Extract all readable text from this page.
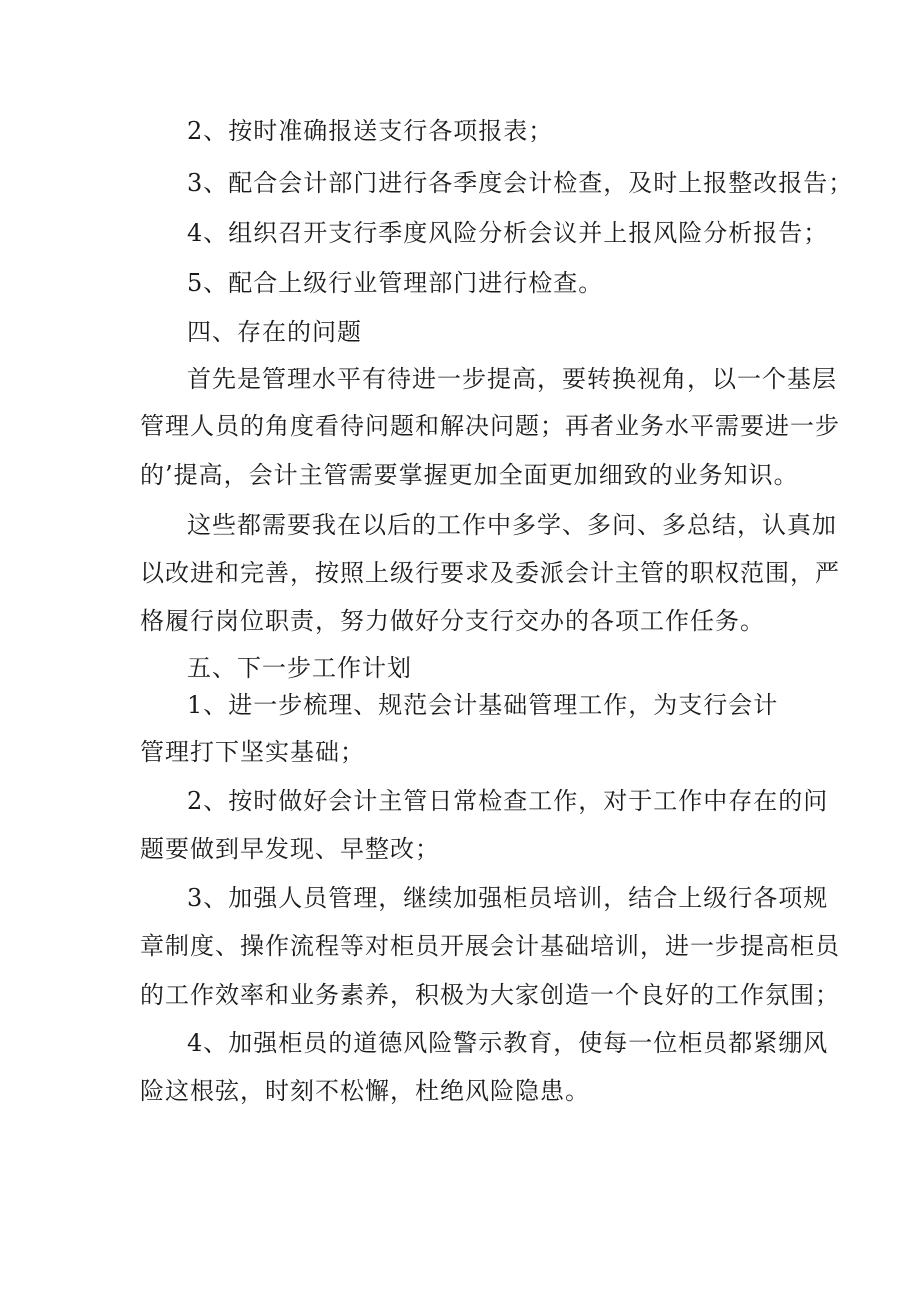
2、按时准确报送支行各项报表；
3、配合会计部门进行各季度会计检查，及时上报整改报告；
4、组织召开支行季度风险分析会议并上报风险分析报告；
5、配合上级行业管理部门进行检查。
四、存在的问题
首先是管理水平有待进一步提高，要转换视角，以一个基层
管理人员的角度看待问题和解决问题；再者业务水平需要进一步
的’提高，会计主管需要掌握更加全面更加细致的业务知识。
这些都需要我在以后的工作中多学、多问、多总结，认真加
以改进和完善，按照上级行要求及委派会计主管的职权范围，严
格履行岗位职责，努力做好分支行交办的各项工作任务。
五、下一步工作计划
1、进一步梳理、规范会计基础管理工作，为支行会计
管理打下坚实基础；
2、按时做好会计主管日常检查工作，对于工作中存在的问
题要做到早发现、早整改；
3、加强人员管理，继续加强柜员培训，结合上级行各项规
章制度、操作流程等对柜员开展会计基础培训，进一步提高柜员
的工作效率和业务素养，积极为大家创造一个良好的工作氛围；
4、加强柜员的道德风险警示教育，使每一位柜员都紧绷风
险这根弦，时刻不松懈，杜绝风险隐患。
